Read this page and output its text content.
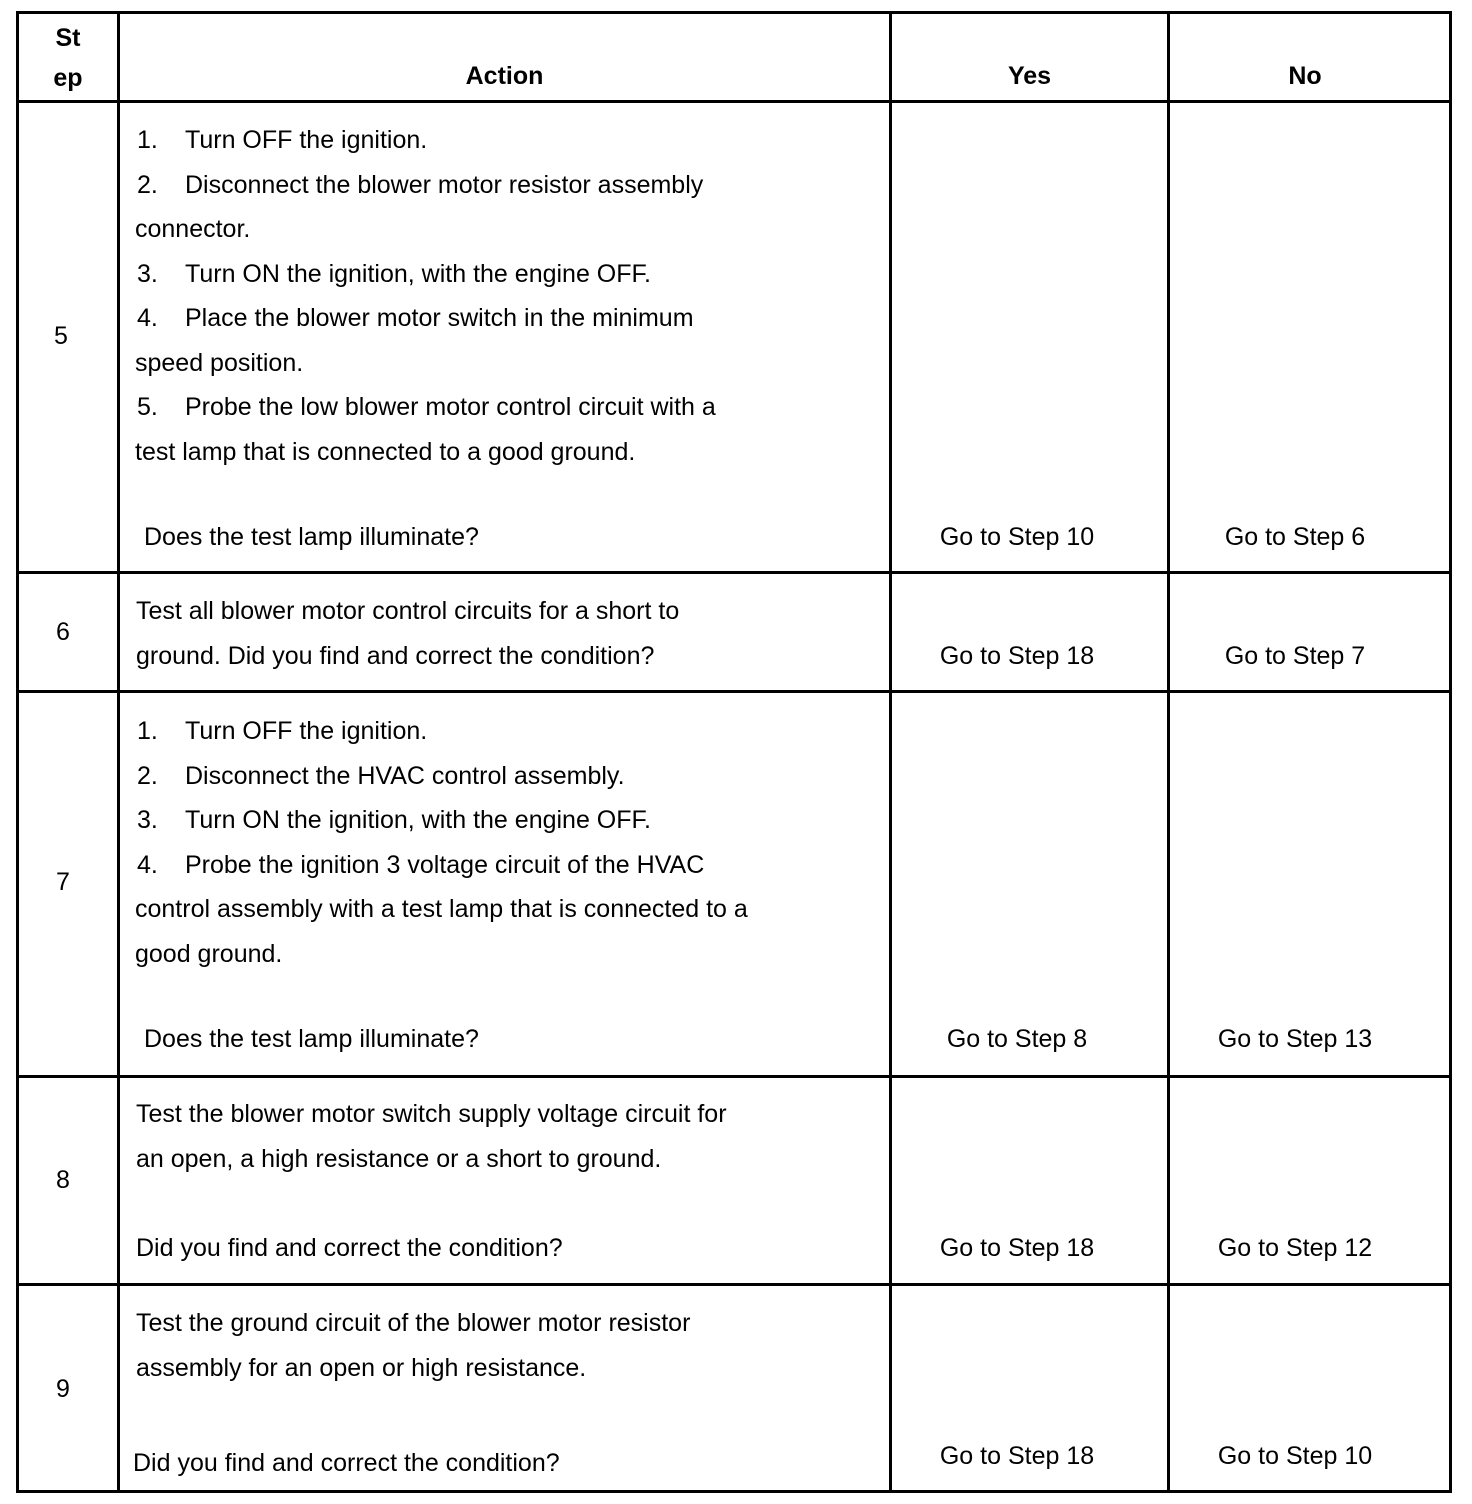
St
ep	Action	Yes	No
5
1. Turn OFF the ignition.
2. Disconnect the blower motor resistor assembly
connector.
3. Turn ON the ignition, with the engine OFF.
4. Place the blower motor switch in the minimum
speed position.
5. Probe the low blower motor control circuit with a
test lamp that is connected to a good ground.
Does the test lamp illuminate?	Go to Step 10	Go to Step 6
6
Test all blower motor control circuits for a short to
ground. Did you find and correct the condition?	Go to Step 18	Go to Step 7
7
1. Turn OFF the ignition.
2. Disconnect the HVAC control assembly.
3. Turn ON the ignition, with the engine OFF.
4. Probe the ignition 3 voltage circuit of the HVAC
control assembly with a test lamp that is connected to a
good ground.
Does the test lamp illuminate?	Go to Step 8	Go to Step 13
8
Test the blower motor switch supply voltage circuit for
an open, a high resistance or a short to ground.
Did you find and correct the condition?	Go to Step 18	Go to Step 12
9
Test the ground circuit of the blower motor resistor
assembly for an open or high resistance.
Did you find and correct the condition?	Go to Step 18	Go to Step 10
